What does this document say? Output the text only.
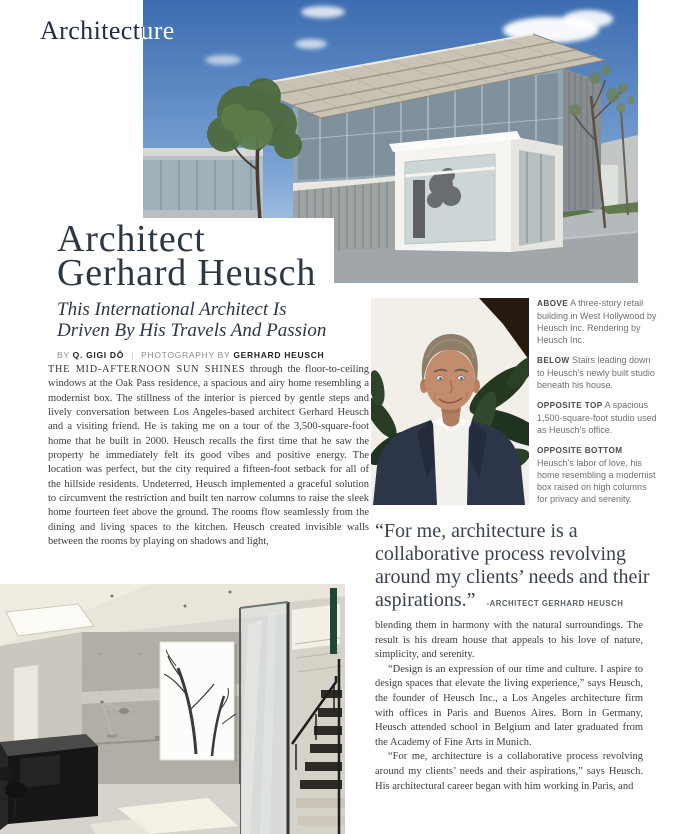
Architecture
Architect
Gerhard Heusch
This International Architect Is
Driven By His Travels And Passion
BY Q. GIGI DÔ | PHOTOGRAPHY BY GERHARD HEUSCH
THE MID-AFTERNOON SUN SHINES through the floor-to-ceiling windows at the Oak Pass residence, a spacious and airy home resembling a modernist box. The stillness of the interior is pierced by gentle steps and lively conversation between Los Angeles-based architect Gerhard Heusch and a visiting friend. He is taking me on a tour of the 3,500-square-foot home that he built in 2000. Heusch recalls the first time that he saw the property he immediately felt its good vibes and positive energy. The location was perfect, but the city required a fifteen-foot setback for all of the hillside residents. Undeterred, Heusch implemented a graceful solution to circumvent the restriction and built ten narrow columns to raise the sleek home fourteen feet above the ground. The rooms flow seamlessly from the dining and living spaces to the kitchen. Heusch created invisible walls between the rooms by playing on shadows and light,

ABOVE A three-story retail building in West Hollywood by Heusch Inc. Rendering by Heusch Inc.

BELOW Stairs leading down to Heusch’s newly built studio beneath his house.

OPPOSITE TOP A spacious 1,500-square-foot studio used as Heusch’s office.

OPPOSITE BOTTOM Heusch’s labor of love, his home resembling a modernist box raised on high columns for privacy and serenity.

“For me, architecture is a collaborative process revolving around my clients’ needs and their aspirations.” -ARCHITECT GERHARD HEUSCH

blending them in harmony with the natural surroundings. The result is his dream house that appeals to his love of nature, simplicity, and serenity.

“Design is an expression of our time and culture. I aspire to design spaces that elevate the living experience,” says Heusch, the founder of Heusch Inc., a Los Angeles architecture firm with offices in Paris and Buenos Aires. Born in Germany, Heusch attended school in Belgium and later graduated from the Academy of Fine Arts in Munich.

“For me, architecture is a collaborative process revolving around my clients’ needs and their aspirations,” says Heusch. His architectural career began with him working in Paris, and
